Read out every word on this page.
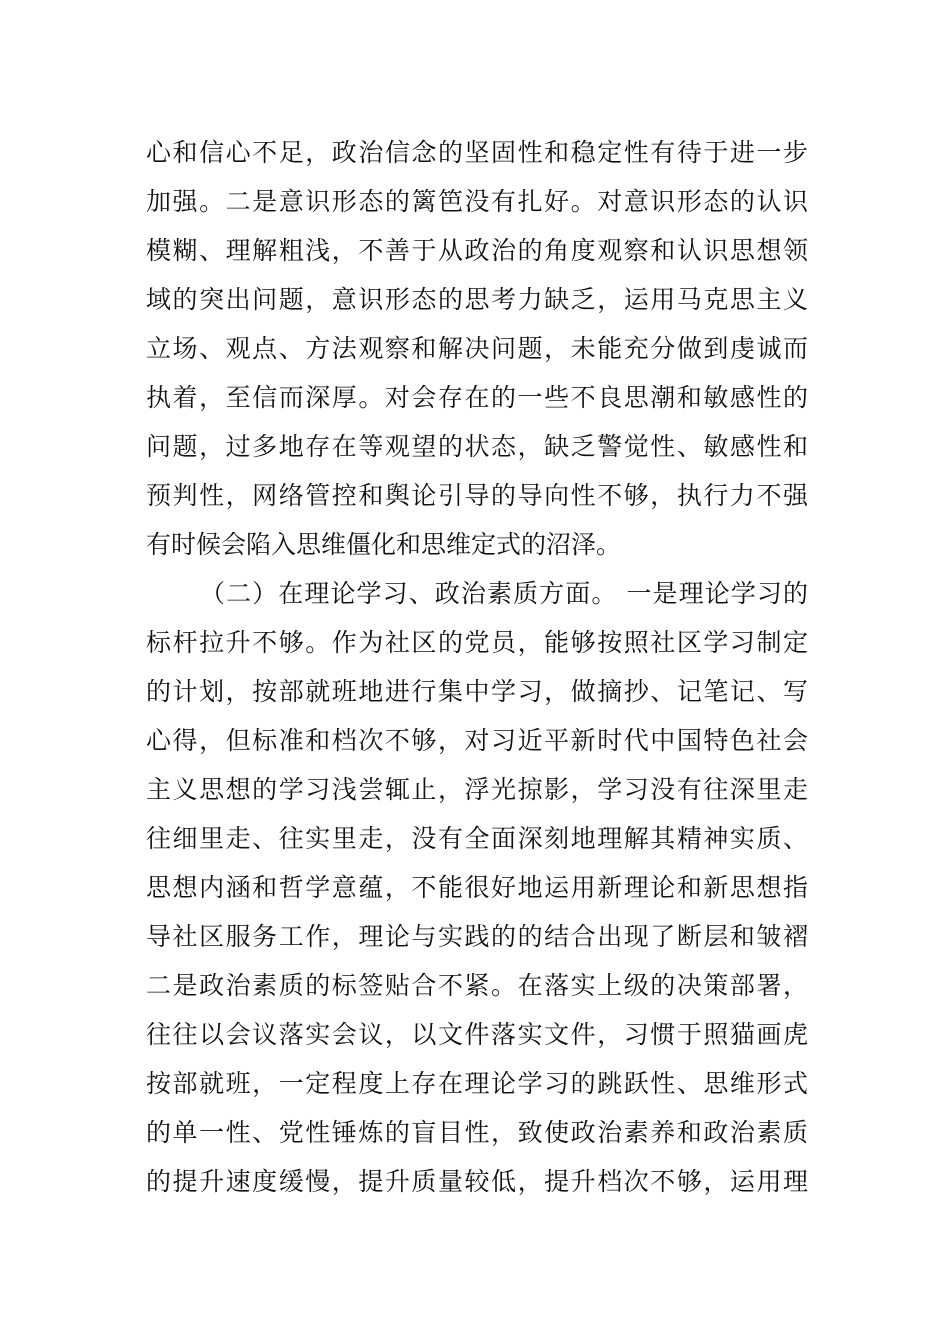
心和信心不足，政治信念的坚固性和稳定性有待于进一步
加强。二是意识形态的篱笆没有扎好。对意识形态的认识
模糊、理解粗浅，不善于从政治的角度观察和认识思想领
域的突出问题，意识形态的思考力缺乏，运用马克思主义
立场、观点、方法观察和解决问题，未能充分做到虔诚而
执着，至信而深厚。对会存在的一些不良思潮和敏感性的
问题，过多地存在等观望的状态，缺乏警觉性、敏感性和
预判性，网络管控和舆论引导的导向性不够，执行力不强
有时候会陷入思维僵化和思维定式的沼泽。
（二）在理论学习、政治素质方面。 一是理论学习的
标杆拉升不够。作为社区的党员，能够按照社区学习制定
的计划，按部就班地进行集中学习，做摘抄、记笔记、写
心得，但标准和档次不够，对习近平新时代中国特色社会
主义思想的学习浅尝辄止，浮光掠影，学习没有往深里走
往细里走、往实里走，没有全面深刻地理解其精神实质、
思想内涵和哲学意蕴，不能很好地运用新理论和新思想指
导社区服务工作，理论与实践的的结合出现了断层和皱褶
二是政治素质的标签贴合不紧。在落实上级的决策部署，
往往以会议落实会议，以文件落实文件，习惯于照猫画虎
按部就班，一定程度上存在理论学习的跳跃性、思维形式
的单一性、党性锤炼的盲目性，致使政治素养和政治素质
的提升速度缓慢，提升质量较低，提升档次不够，运用理
